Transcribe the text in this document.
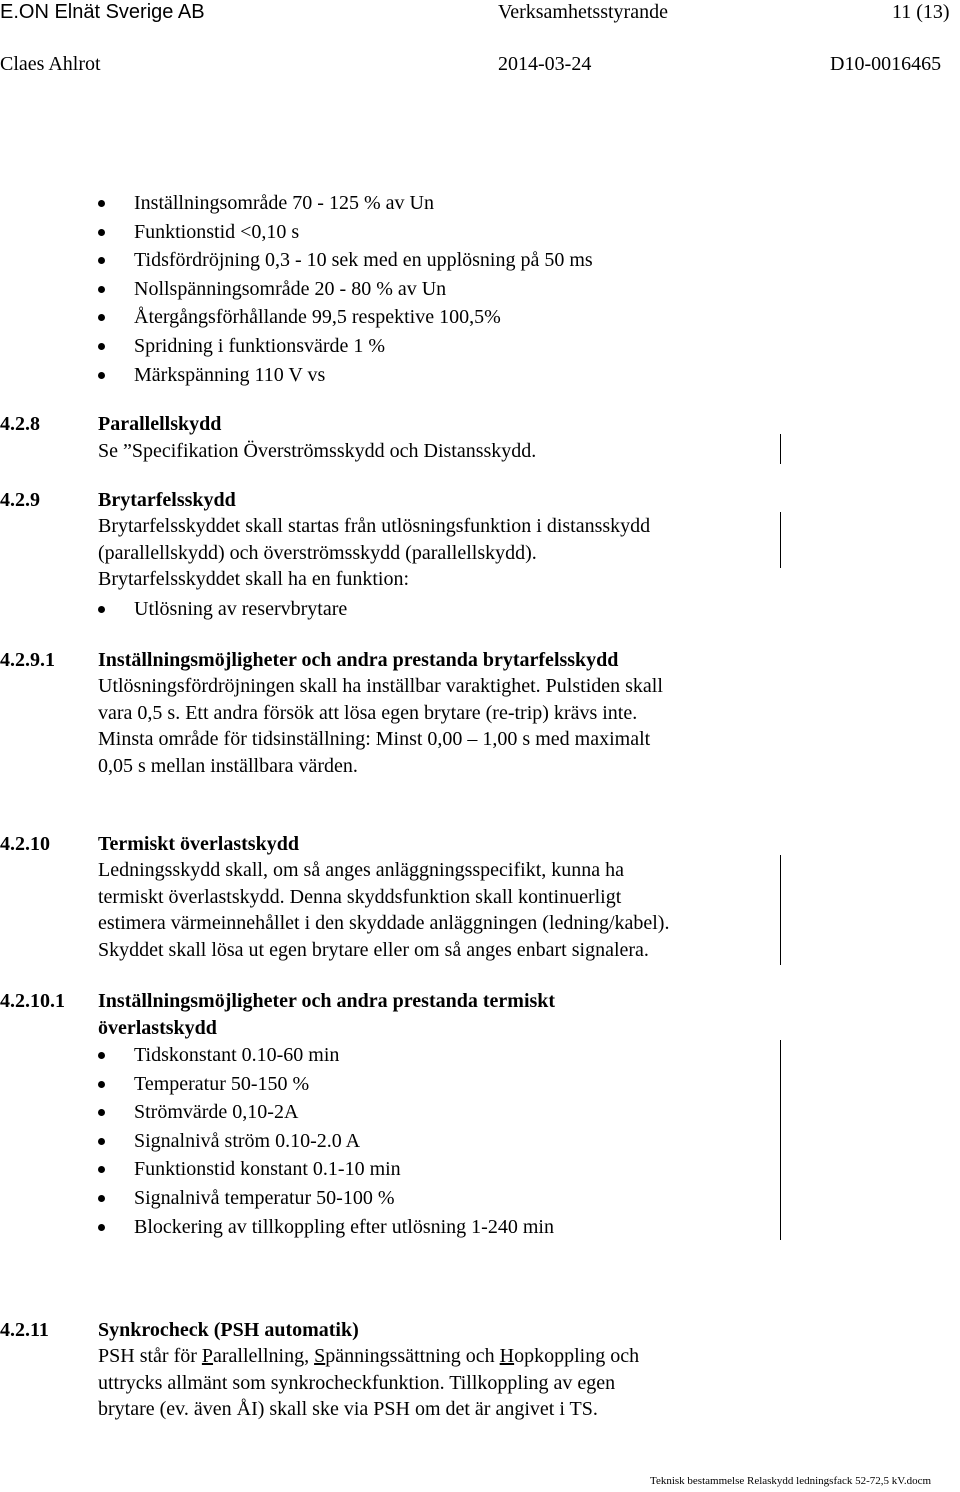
E.ON Elnät Sverige AB	Verksamhetsstyrande	11 (13)
Claes Ahlrot	2014-03-24	D10-0016465
Inställningsområde 70 - 125 % av Un
Funktionstid <0,10 s
Tidsfördröjning 0,3 - 10 sek med en upplösning på 50 ms
Nollspänningsområde 20 - 80 % av Un
Återgångsförhållande 99,5 respektive 100,5%
Spridning i funktionsvärde 1 %
Märkspänning 110 V vs
4.2.8	Parallellskydd
Se ”Specifikation Överströmsskydd och Distansskydd.
4.2.9	Brytarfelsskydd
Brytarfelsskyddet skall startas från utlösningsfunktion i distansskydd
(parallellskydd) och överströmsskydd (parallellskydd).
Brytarfelsskyddet skall ha en funktion:
Utlösning av reservbrytare
4.2.9.1 Inställningsmöjligheter och andra prestanda brytarfelsskydd
Utlösningsfördröjningen skall ha inställbar varaktighet. Pulstiden skall
vara 0,5 s. Ett andra försök att lösa egen brytare (re-trip) krävs inte.
Minsta område för tidsinställning: Minst 0,00 – 1,00 s med maximalt
0,05 s mellan inställbara värden.
4.2.10 Termiskt överlastskydd
Ledningsskydd skall, om så anges anläggningsspecifikt, kunna ha
termiskt överlastskydd. Denna skyddsfunktion skall kontinuerligt
estimera värmeinnehållet i den skyddade anläggningen (ledning/kabel).
Skyddet skall lösa ut egen brytare eller om så anges enbart signalera.
4.2.10.1 Inställningsmöjligheter och andra prestanda termiskt
överlastskydd
Tidskonstant 0.10-60 min
Temperatur 50-150 %
Strömvärde 0,10-2A
Signalnivå ström 0.10-2.0 A
Funktionstid konstant 0.1-10 min
Signalnivå temperatur 50-100 %
Blockering av tillkoppling efter utlösning 1-240 min
4.2.11 Synkrocheck (PSH automatik)
PSH står för Parallellning, Spänningssättning och Hopkoppling och
uttrycks allmänt som synkrocheckfunktion. Tillkoppling av egen
brytare (ev. även ÅI) skall ske via PSH om det är angivet i TS.
Teknisk bestammelse Relaskydd ledningsfack 52-72,5 kV.docm
